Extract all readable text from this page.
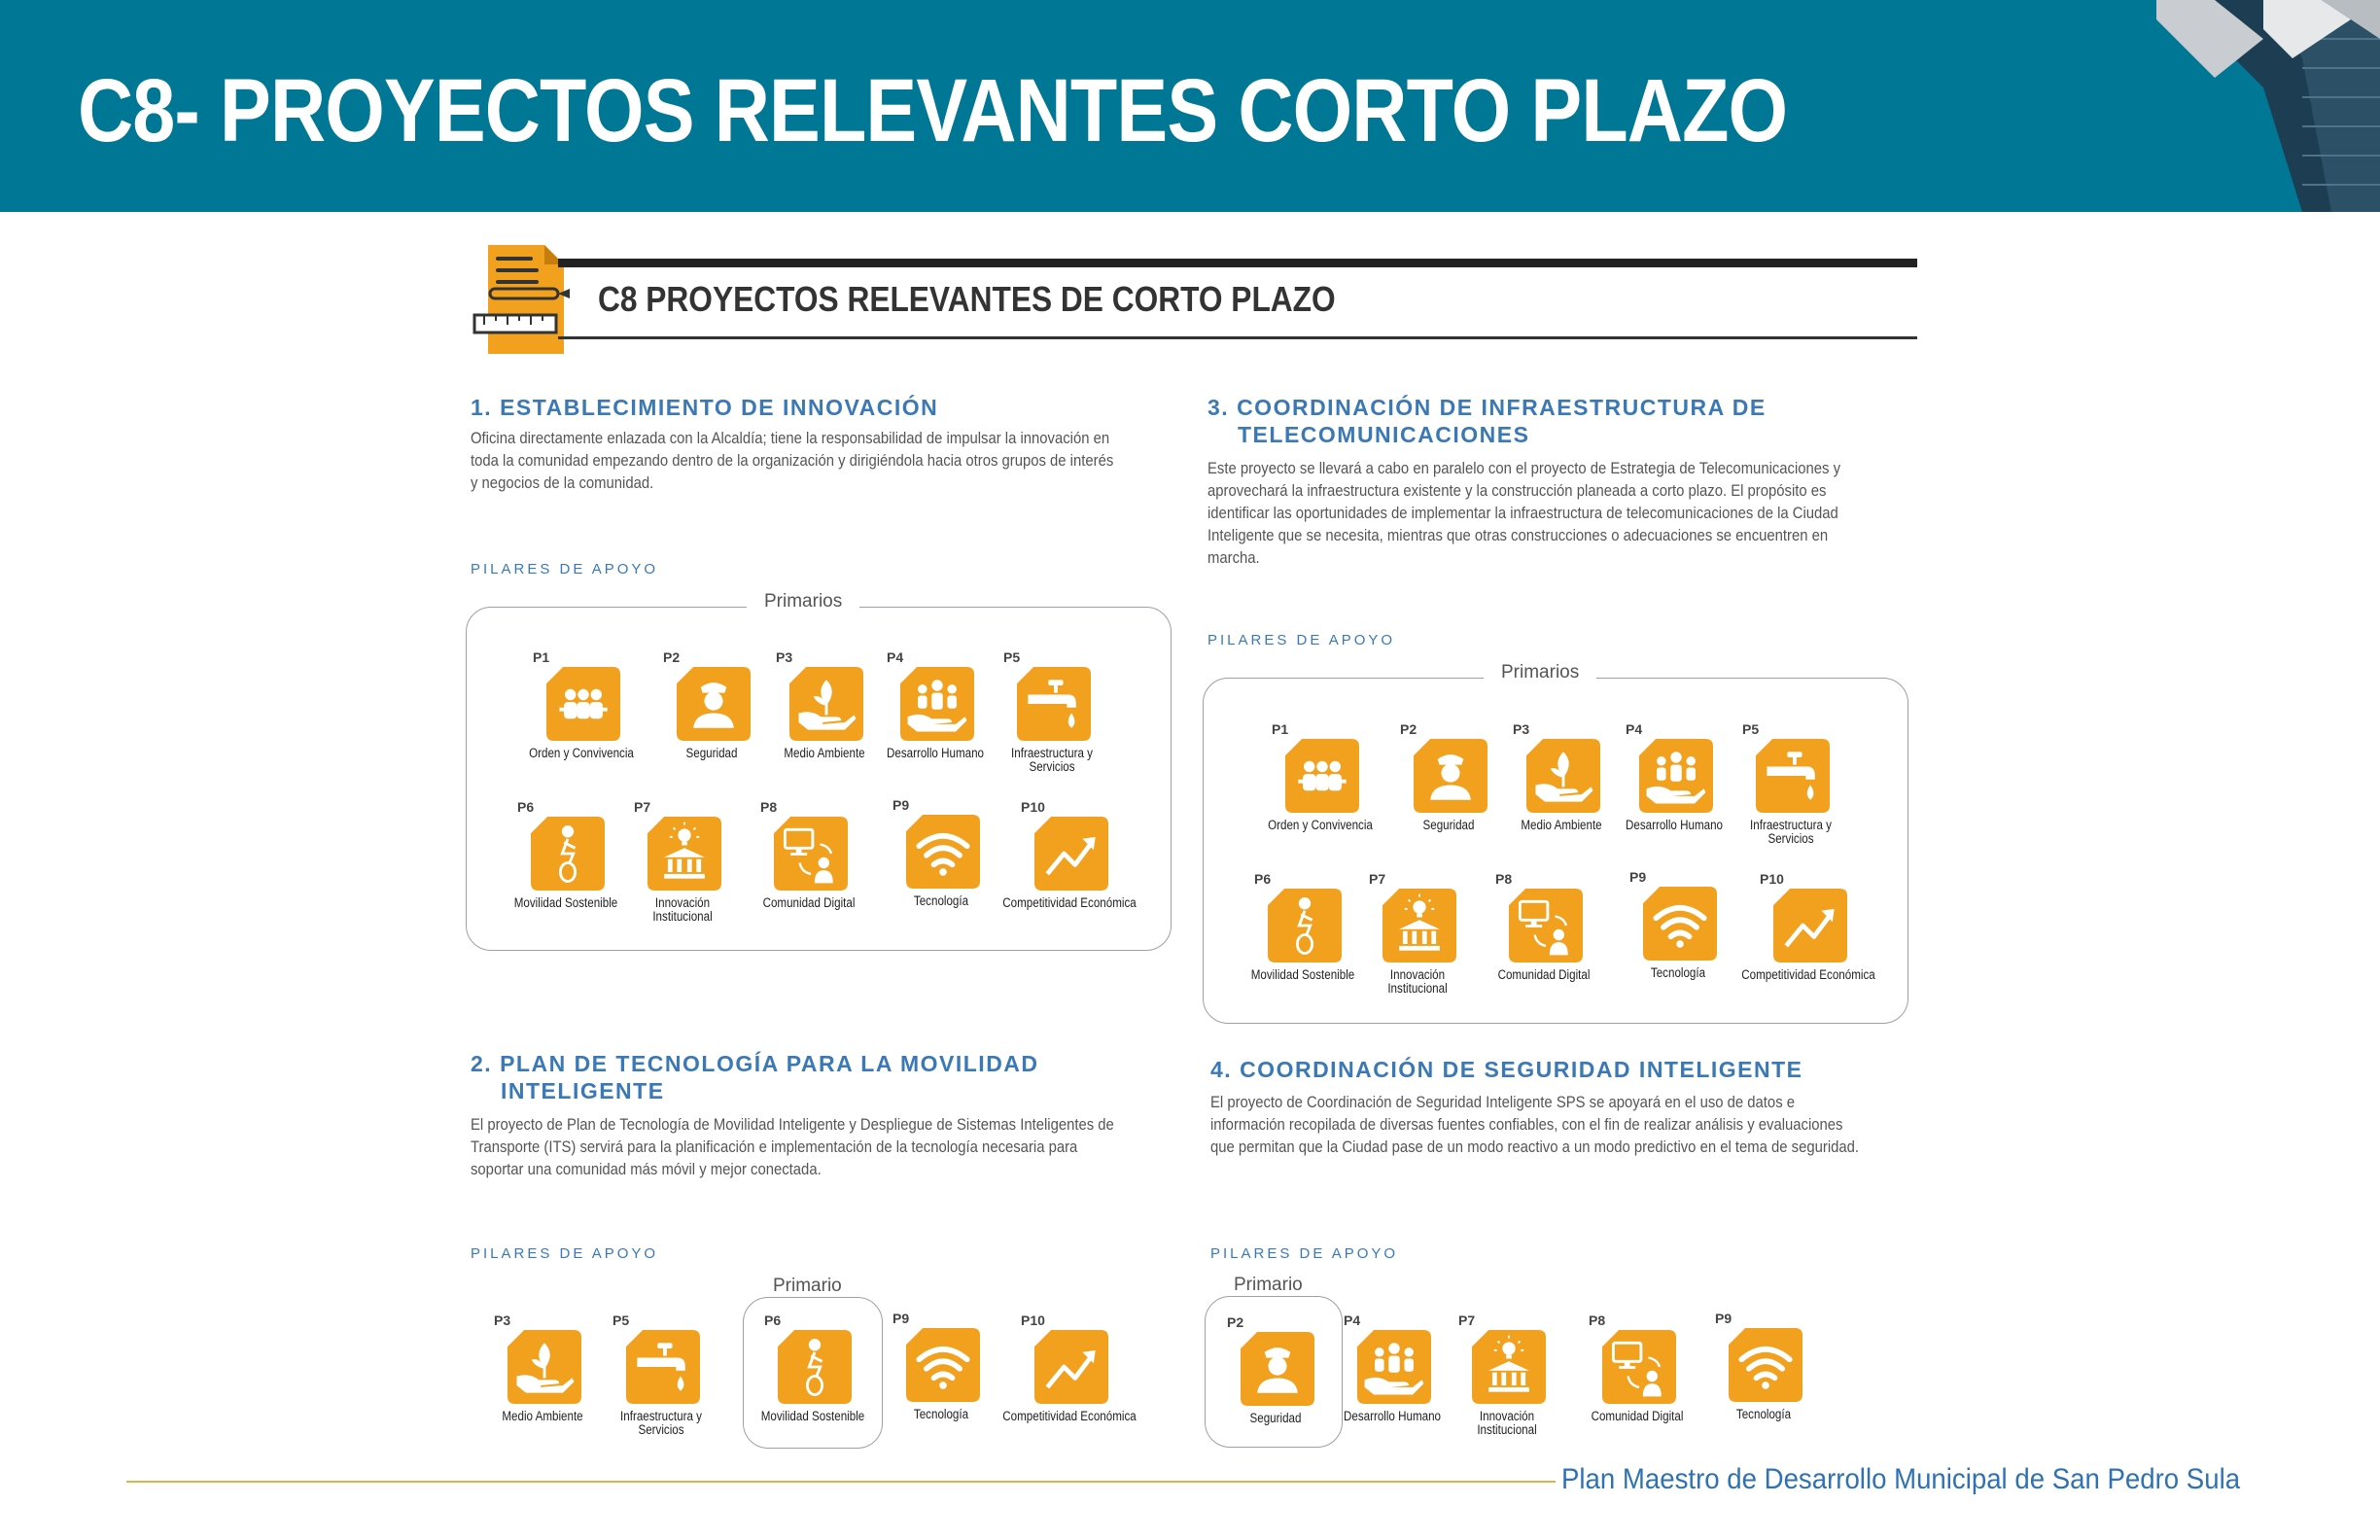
C8- PROYECTOS RELEVANTES CORTO PLAZO
C8 PROYECTOS RELEVANTES DE CORTO PLAZO
1. ESTABLECIMIENTO DE INNOVACIÓN
Oficina directamente enlazada con la Alcaldía; tiene la responsabilidad de impulsar la innovación en toda la comunidad empezando dentro de la organización y dirigiéndola hacia otros grupos de interés y negocios de la comunidad.
PILARES DE APOYO
Primarios
P1
Orden y Convivencia
P2
Seguridad
P3
Medio Ambiente
P4
Desarrollo Humano
P5
Infraestructura y Servicios
P6
Movilidad Sostenible
P7
Innovación Institucional
P8
Comunidad Digital
P9
Tecnología
P10
Competitividad Económica
2. PLAN DE TECNOLOGÍA PARA LA MOVILIDAD
INTELIGENTE
El proyecto de Plan de Tecnología de Movilidad Inteligente y Despliegue de Sistemas Inteligentes de Transporte (ITS) servirá para la planificación e implementación de la tecnología necesaria para soportar una comunidad más móvil y mejor conectada.
PILARES DE APOYO
Primario
P3
Medio Ambiente
P5
Infraestructura y Servicios
P6
Movilidad Sostenible
P9
Tecnología
P10
Competitividad Económica
3. COORDINACIÓN DE INFRAESTRUCTURA DE
TELECOMUNICACIONES
Este proyecto se llevará a cabo en paralelo con el proyecto de Estrategia de Telecomunicaciones y aprovechará la infraestructura existente y la construcción planeada a corto plazo. El propósito es identificar las oportunidades de implementar la infraestructura de telecomunicaciones de la Ciudad Inteligente que se necesita, mientras que otras construcciones o adecuaciones se encuentren en marcha.
PILARES DE APOYO
Primarios
P1
Orden y Convivencia
P2
Seguridad
P3
Medio Ambiente
P4
Desarrollo Humano
P5
Infraestructura y Servicios
P6
Movilidad Sostenible
P7
Innovación Institucional
P8
Comunidad Digital
P9
Tecnología
P10
Competitividad Económica
4. COORDINACIÓN DE SEGURIDAD INTELIGENTE
El proyecto de Coordinación de Seguridad Inteligente SPS se apoyará en el uso de datos e información recopilada de diversas fuentes confiables, con el fin de realizar análisis y evaluaciones que permitan que la Ciudad pase de un modo reactivo a un modo predictivo en el tema de seguridad.
PILARES DE APOYO
Primario
P2
Seguridad
P4
Desarrollo Humano
P7
Innovación Institucional
P8
Comunidad Digital
P9
Tecnología
Plan Maestro de Desarrollo Municipal de San Pedro Sula
